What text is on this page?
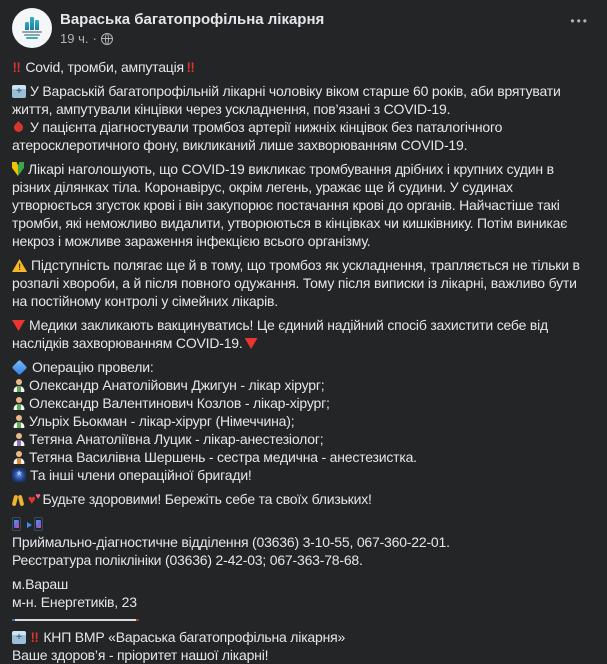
Вараська багатопрофільна лікарня
19 ч. ·
•••
!! Covid, тромби, ампутація !!
+У Вараській багатопрофільній лікарні чоловіку віком старше 60 років, аби врятувати життя, ампутували кінцівки через ускладнення, пов’язані з COVID-19.
У пацієнта діагностували тромбоз артерії нижніх кінцівок без паталогічного атеросклеротичного фону, викликаний лише захворюванням COVID-19.
Лікарі наголошують, що COVID-19 викликає тромбування дрібних і крупних судин в різних ділянках тіла. Коронавірус, окрім легень, уражає ще й судини. У судинах утворюється згусток крові і він закупорює постачання крові до органів. Найчастіше такі тромби, які неможливо видалити, утворюються в кінцівках чи кишківнику. Потім виникає некроз і можливе зараження інфекцією всього організму.
!Підступність полягає ще й в тому, що тромбоз як ускладнення, трапляється не тільки в розпалі хвороби, а й після повного одужання. Тому після виписки із лікарні, важливо бути на постійному контролі у сімейних лікарів.
Медики закликають вакцинуватись! Це єдиний надійний спосіб захистити себе від наслідків захворюванням COVID-19.
Операцію провели:
Олександр Анатолійович Джигун - лікар хірург;
Олександр Валентинович Козлов - лікар-хірург;
Ульріх Бьокман - лікар-хірург (Німеччина);
Тетяна Анатоліївна Луцик - лікар-анестезіолог;
Тетяна Василівна Шершень - сестра медична - анестезистка.
*Та інші члени операційної бригади!
♥ ♥ Будьте здоровими! Бережіть себе та своїх близьких!
Приймально-діагностичне відділення (03636) 3-10-55, 067-360-22-01.
Реєстратура поліклініки (03636) 2-42-03; 067-363-78-68.
м.Вараш
м-н. Енергетиків, 23
+!! КНП ВМР «Вараська багатопрофільна лікарня»
Ваше здоров’я - пріоритет нашої лікарні!
